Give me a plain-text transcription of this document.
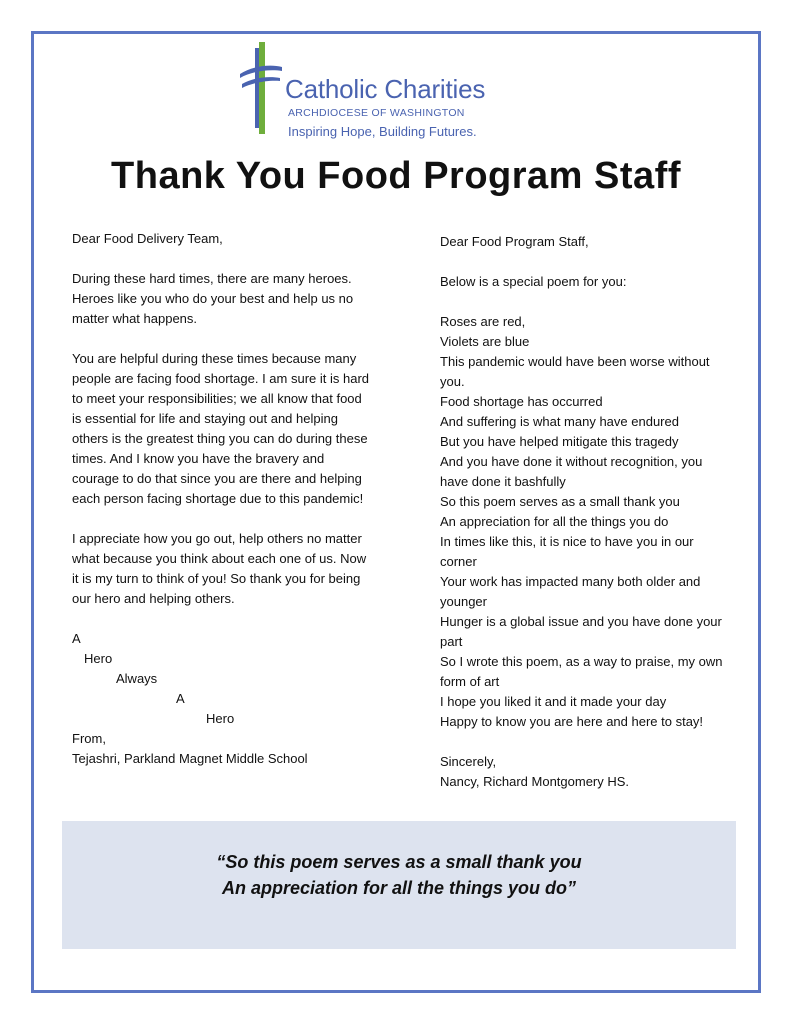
Catholic Charities
ARCHDIOCESE OF WASHINGTON
Inspiring Hope, Building Futures.
Thank You Food Program Staff

Dear Food Delivery Team,

During these hard times, there are many heroes. Heroes like you who do your best and help us no matter what happens.

You are helpful during these times because many people are facing food shortage. I am sure it is hard to meet your responsibilities; we all know that food is essential for life and staying out and helping others is the greatest thing you can do during these times. And I know you have the bravery and courage to do that since you are there and helping each person facing shortage due to this pandemic!

I appreciate how you go out, help others no matter what because you think about each one of us. Now it is my turn to think of you! So thank you for being our hero and helping others.

A
Hero
Always
A
Hero
From,
Tejashri, Parkland Magnet Middle School

Dear Food Program Staff,

Below is a special poem for you:

Roses are red,
Violets are blue
This pandemic would have been worse without you.
Food shortage has occurred
And suffering is what many have endured
But you have helped mitigate this tragedy
And you have done it without recognition, you have done it bashfully
So this poem serves as a small thank you
An appreciation for all the things you do
In times like this, it is nice to have you in our corner
Your work has impacted many both older and younger
Hunger is a global issue and you have done your part
So I wrote this poem, as a way to praise, my own form of art
I hope you liked it and it made your day
Happy to know you are here and here to stay!
Sincerely,
Nancy, Richard Montgomery HS.
“So this poem serves as a small thank you
An appreciation for all the things you do”
